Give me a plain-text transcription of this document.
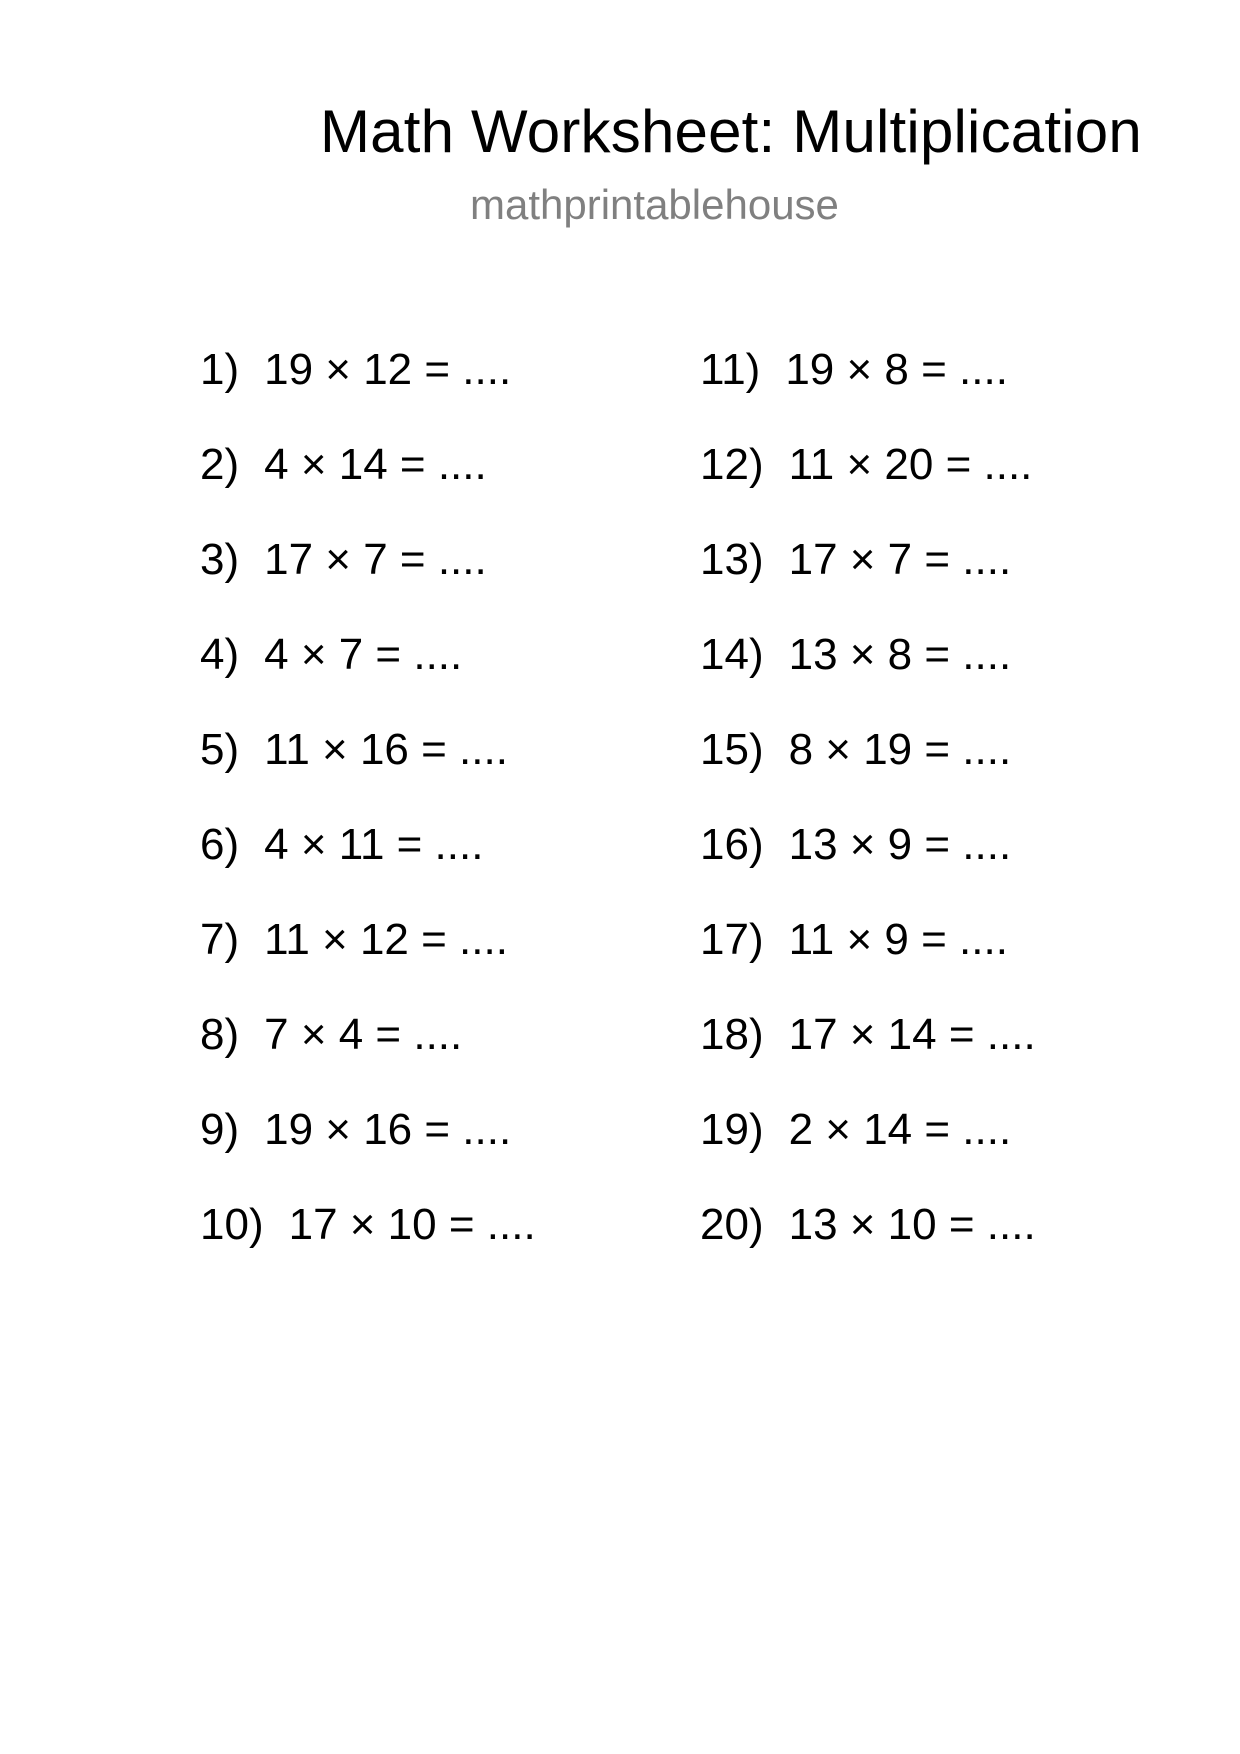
Math Worksheet: Multiplication
mathprintablehouse
1) 19 × 12 = ....
2) 4 × 14 = ....
3) 17 × 7 = ....
4) 4 × 7 = ....
5) 11 × 16 = ....
6) 4 × 11 = ....
7) 11 × 12 = ....
8) 7 × 4 = ....
9) 19 × 16 = ....
10) 17 × 10 = ....
11) 19 × 8 = ....
12) 11 × 20 = ....
13) 17 × 7 = ....
14) 13 × 8 = ....
15) 8 × 19 = ....
16) 13 × 9 = ....
17) 11 × 9 = ....
18) 17 × 14 = ....
19) 2 × 14 = ....
20) 13 × 10 = ....
